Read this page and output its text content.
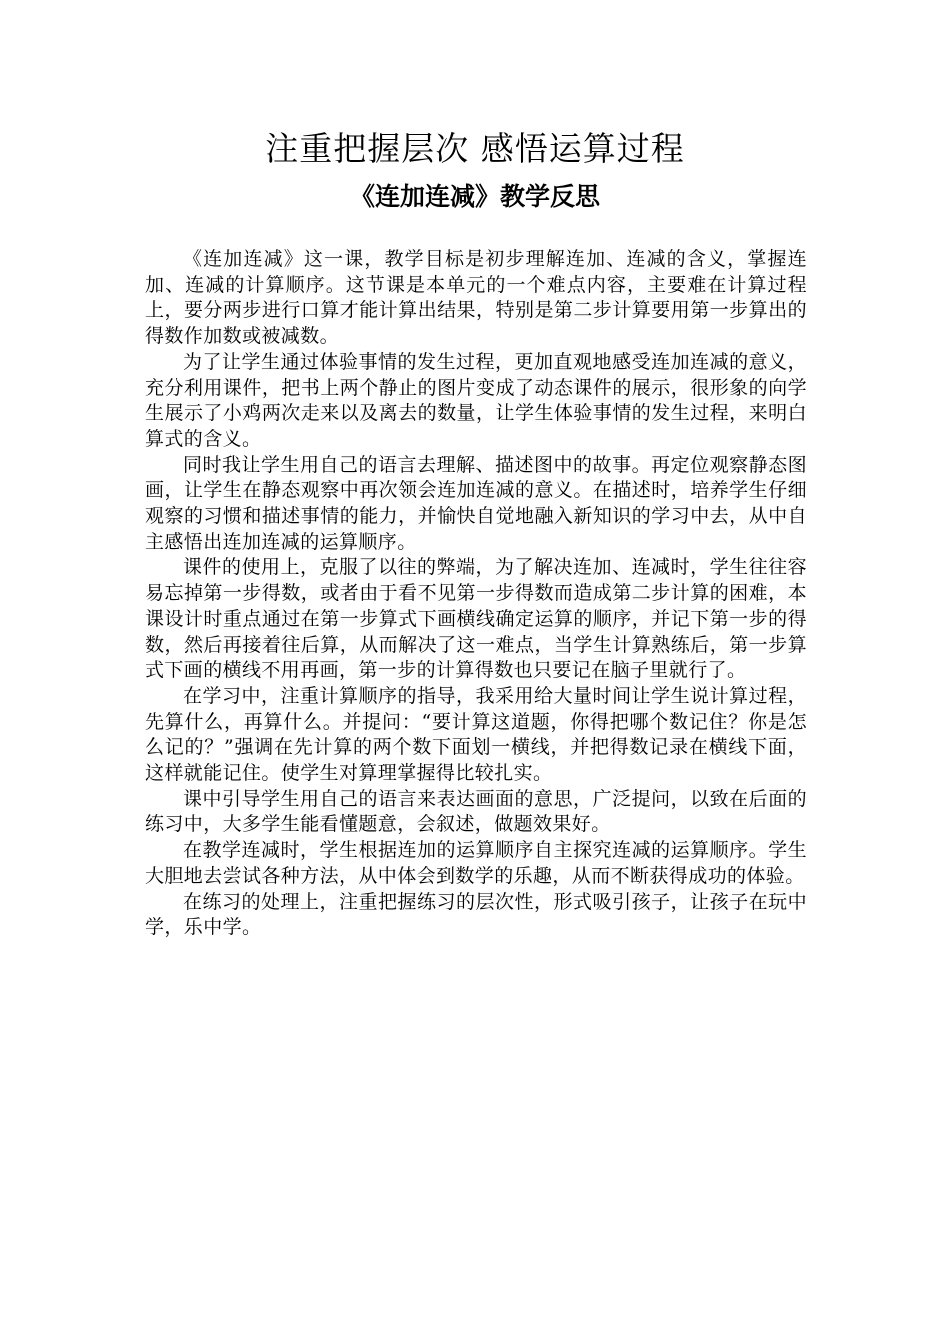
注重把握层次 感悟运算过程
《连加连减》教学反思

《连加连减》这一课，教学目标是初步理解连加、连减的含义，掌握连加、连减的计算顺序。这节课是本单元的一个难点内容，主要难在计算过程上，要分两步进行口算才能计算出结果，特别是第二步计算要用第一步算出的得数作加数或被减数。

为了让学生通过体验事情的发生过程，更加直观地感受连加连减的意义，充分利用课件，把书上两个静止的图片变成了动态课件的展示，很形象的向学生展示了小鸡两次走来以及离去的数量，让学生体验事情的发生过程，来明白算式的含义。

同时我让学生用自己的语言去理解、描述图中的故事。再定位观察静态图画，让学生在静态观察中再次领会连加连减的意义。在描述时，培养学生仔细观察的习惯和描述事情的能力，并愉快自觉地融入新知识的学习中去，从中自主感悟出连加连减的运算顺序。

课件的使用上，克服了以往的弊端，为了解决连加、连减时，学生往往容易忘掉第一步得数，或者由于看不见第一步得数而造成第二步计算的困难，本课设计时重点通过在第一步算式下画横线确定运算的顺序，并记下第一步的得数，然后再接着往后算，从而解决了这一难点，当学生计算熟练后，第一步算式下画的横线不用再画，第一步的计算得数也只要记在脑子里就行了。

在学习中，注重计算顺序的指导，我采用给大量时间让学生说计算过程，先算什么，再算什么。并提问：“要计算这道题，你得把哪个数记住？你是怎么记的？”强调在先计算的两个数下面划一横线，并把得数记录在横线下面，这样就能记住。使学生对算理掌握得比较扎实。

课中引导学生用自己的语言来表达画面的意思，广泛提问，以致在后面的练习中，大多学生能看懂题意，会叙述，做题效果好。

在教学连减时，学生根据连加的运算顺序自主探究连减的运算顺序。学生大胆地去尝试各种方法，从中体会到数学的乐趣，从而不断获得成功的体验。

在练习的处理上，注重把握练习的层次性，形式吸引孩子，让孩子在玩中学，乐中学。
